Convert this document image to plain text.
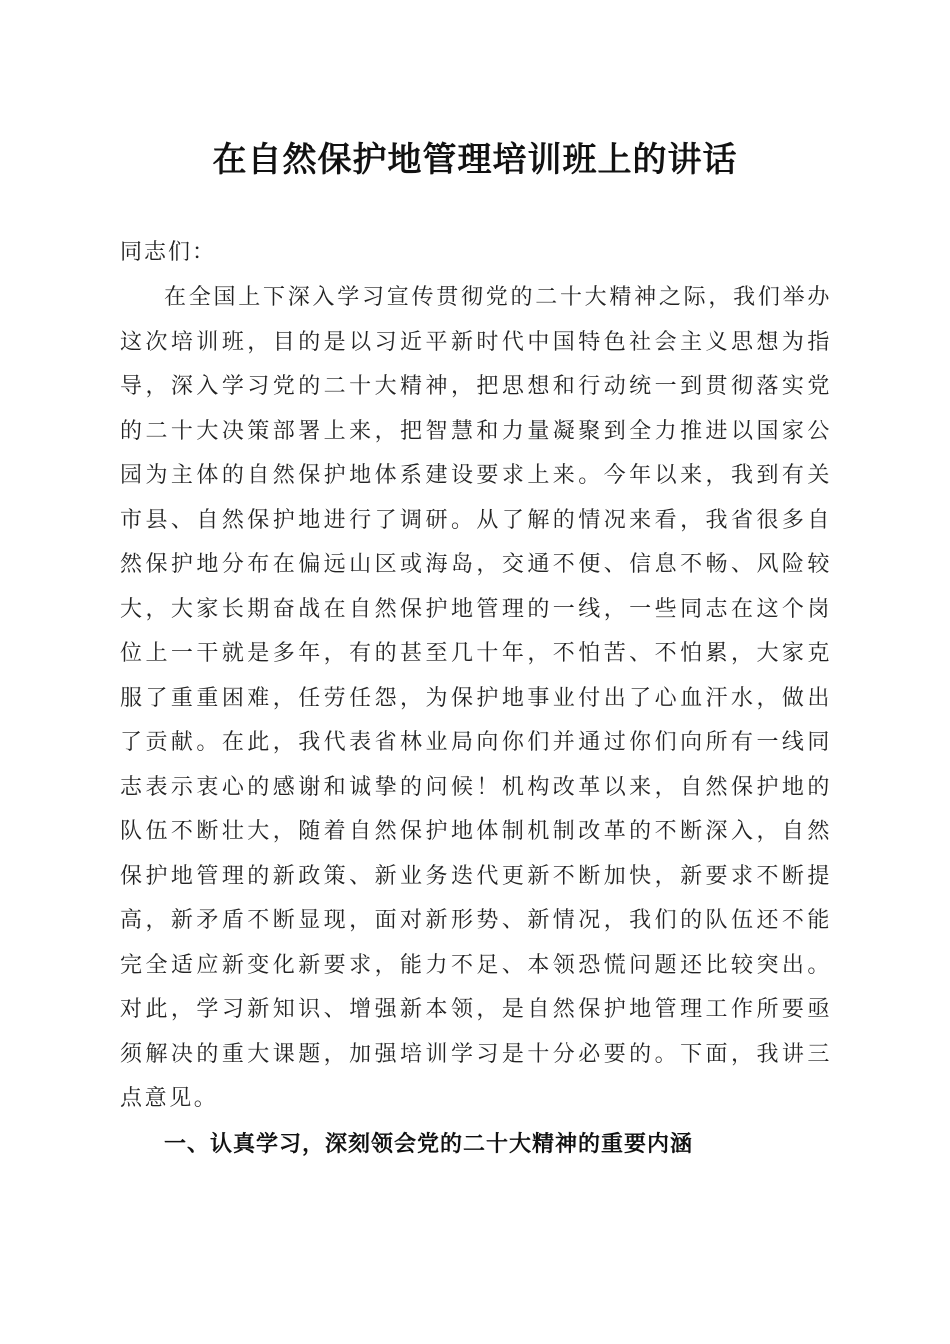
在自然保护地管理培训班上的讲话
同志们：

在全国上下深入学习宣传贯彻党的二十大精神之际，我们举办这次培训班，目的是以习近平新时代中国特色社会主义思想为指导，深入学习党的二十大精神，把思想和行动统一到贯彻落实党的二十大决策部署上来，把智慧和力量凝聚到全力推进以国家公园为主体的自然保护地体系建设要求上来。今年以来，我到有关市县、自然保护地进行了调研。从了解的情况来看，我省很多自然保护地分布在偏远山区或海岛，交通不便、信息不畅、风险较大，大家长期奋战在自然保护地管理的一线，一些同志在这个岗位上一干就是多年，有的甚至几十年，不怕苦、不怕累，大家克服了重重困难，任劳任怨，为保护地事业付出了心血汗水，做出了贡献。在此，我代表省林业局向你们并通过你们向所有一线同志表示衷心的感谢和诚挚的问候！机构改革以来，自然保护地的队伍不断壮大，随着自然保护地体制机制改革的不断深入，自然保护地管理的新政策、新业务迭代更新不断加快，新要求不断提高，新矛盾不断显现，面对新形势、新情况，我们的队伍还不能完全适应新变化新要求，能力不足、本领恐慌问题还比较突出。对此，学习新知识、增强新本领，是自然保护地管理工作所要亟须解决的重大课题，加强培训学习是十分必要的。下面，我讲三点意见。

一、认真学习，深刻领会党的二十大精神的重要内涵
